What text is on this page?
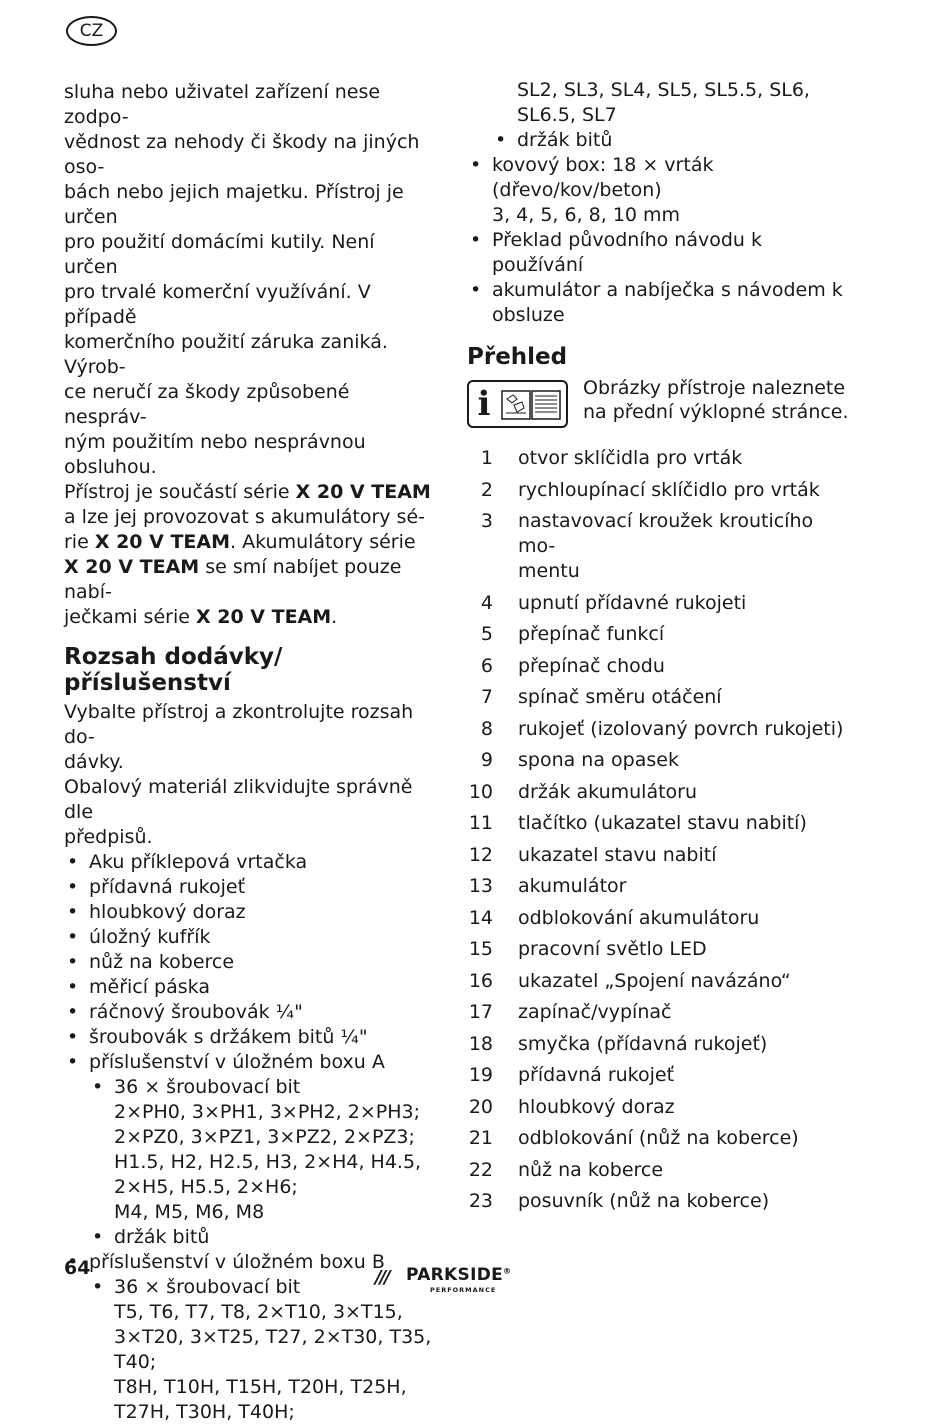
CZ

sluha nebo uživatel zařízení nese zodpo-
vědnost za nehody či škody na jiných oso-
bách nebo jejich majetku. Přístroj je určen
pro použití domácími kutily. Není určen
pro trvalé komerční využívání. V případě
komerčního použití záruka zaniká. Výrob-
ce neručí za škody způsobené nespráv-
ným použitím nebo nesprávnou obsluhou.
Přístroj je součástí série X 20 V TEAM
a lze jej provozovat s akumulátory sé-
rie X 20 V TEAM. Akumulátory série
X 20 V TEAM se smí nabíjet pouze nabí-
ječkami série X 20 V TEAM.

Rozsah dodávky/
příslušenství

Vybalte přístroj a zkontrolujte rozsah do-
dávky.
Obalový materiál zlikvidujte správně dle
předpisů.

• Aku příklepová vrtačka
• přídavná rukojeť
• hloubkový doraz
• úložný kufřík
• nůž na koberce
• měřicí páska
• ráčnový šroubovák ¼"
• šroubovák s držákem bitů ¼"
• příslušenství v úložném boxu A
• 36 × šroubovací bit
2×PH0, 3×PH1, 3×PH2, 2×PH3;
2×PZ0, 3×PZ1, 3×PZ2, 2×PZ3;
H1.5, H2, H2.5, H3, 2×H4, H4.5,
2×H5, H5.5, 2×H6;
M4, M5, M6, M8
• držák bitů
• příslušenství v úložném boxu B
• 36 × šroubovací bit
T5, T6, T7, T8, 2×T10, 3×T15,
3×T20, 3×T25, T27, 2×T30, T35,
T40;
T8H, T10H, T15H, T20H, T25H,
T27H, T30H, T40H;
SL2, SL3, SL4, SL5, SL5.5, SL6,
SL6.5, SL7
• držák bitů
• kovový box: 18 × vrták
(dřevo/kov/beton)
3, 4, 5, 6, 8, 10 mm
• Překlad původního návodu k používání
• akumulátor a nabíječka s návodem k
obsluze
Přehled
i	Obrázky přístroje naleznete
na přední výklopné stránce.
1 otvor sklíčidla pro vrták
2 rychloupínací sklíčidlo pro vrták
3 nastavovací kroužek krouticího mo-
mentu
4 upnutí přídavné rukojeti
5 přepínač funkcí
6 přepínač chodu
7 spínač směru otáčení
8 rukojeť (izolovaný povrch rukojeti)
9 spona na opasek
10 držák akumulátoru
11 tlačítko (ukazatel stavu nabití)
12 ukazatel stavu nabití
13 akumulátor
14 odblokování akumulátoru
15 pracovní světlo LED
16 ukazatel „Spojení navázáno“
17 zapínač/vypínač
18 smyčka (přídavná rukojeť)
19 přídavná rukojeť
20 hloubkový doraz
21 odblokování (nůž na koberce)
22 nůž na koberce
23 posuvník (nůž na koberce)
64	/// PARKSIDE®
PERFORMANCE
